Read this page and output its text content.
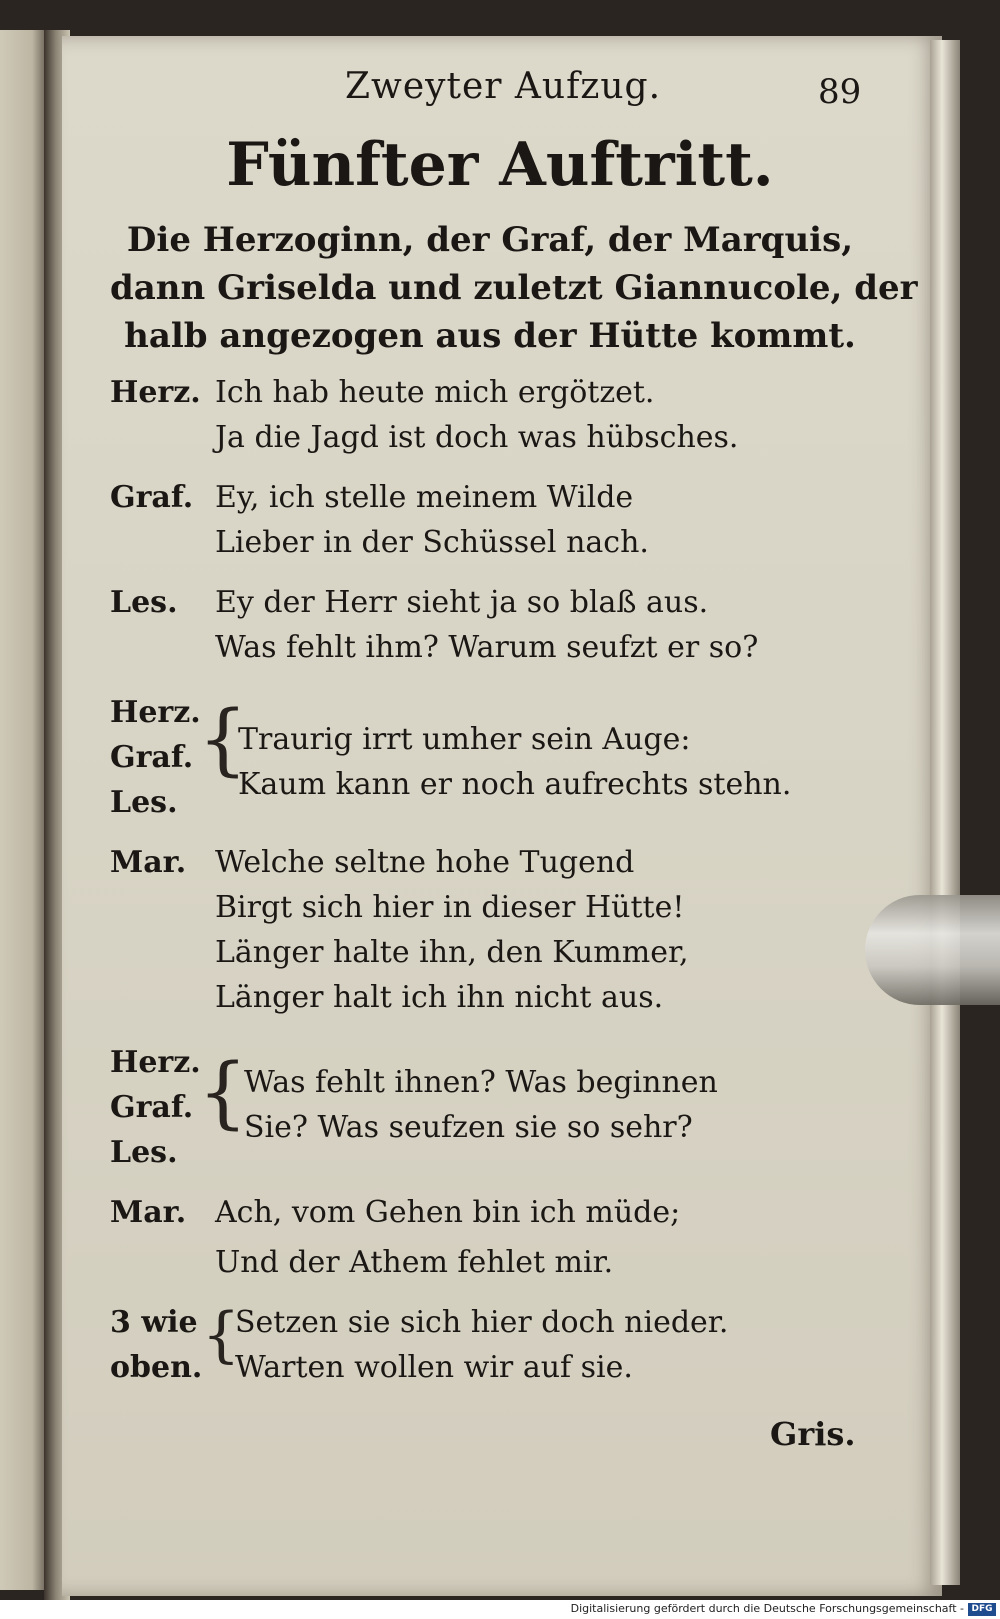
Zweyter Aufzug.	89
Fünfter Auftritt.
Die Herzoginn, der Graf, der Marquis,
dann Griselda und zuletzt Giannucole, der
halb angezogen aus der Hütte kommt.
Herz. Ich hab heute mich ergötzet.
Ja die Jagd ist doch was hübsches.
Graf. Ey, ich stelle meinem Wilde
Lieber in der Schüssel nach.
Les. Ey der Herr sieht ja so blaß aus.
Was fehlt ihm? Warum seufzt er so?
Herz.
Graf.
Les.
{
Traurig irrt umher sein Auge:
Kaum kann er noch aufrechts stehn.
Mar. Welche seltne hohe Tugend
Birgt sich hier in dieser Hütte!
Länger halte ihn, den Kummer,
Länger halt ich ihn nicht aus.
Herz.
Graf.
Les.
{
Was fehlt ihnen? Was beginnen
Sie? Was seufzen sie so sehr?
Mar. Ach, vom Gehen bin ich müde;
Und der Athem fehlet mir.
3 wie
oben. {
Setzen sie sich hier doch nieder.
Warten wollen wir auf sie.
Gris.
Digitalisierung gefördert durch die Deutsche Forschungsgemeinschaft - DFG
